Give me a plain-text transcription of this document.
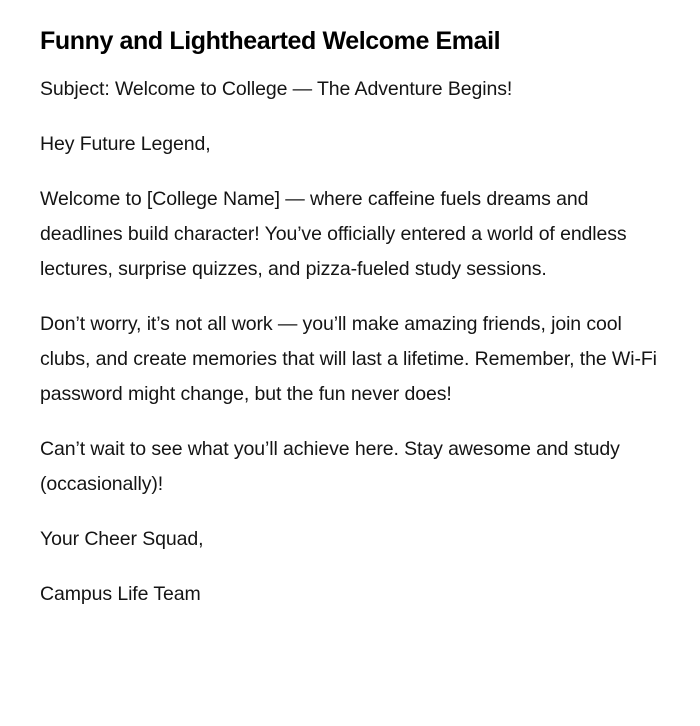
Funny and Lighthearted Welcome Email

Subject: Welcome to College — The Adventure Begins!

Hey Future Legend,

Welcome to [College Name] — where caffeine fuels dreams and deadlines build character! You’ve officially entered a world of endless lectures, surprise quizzes, and pizza-fueled study sessions.

Don’t worry, it’s not all work — you’ll make amazing friends, join cool clubs, and create memories that will last a lifetime. Remember, the Wi-Fi password might change, but the fun never does!

Can’t wait to see what you’ll achieve here. Stay awesome and study (occasionally)!

Your Cheer Squad,

Campus Life Team
